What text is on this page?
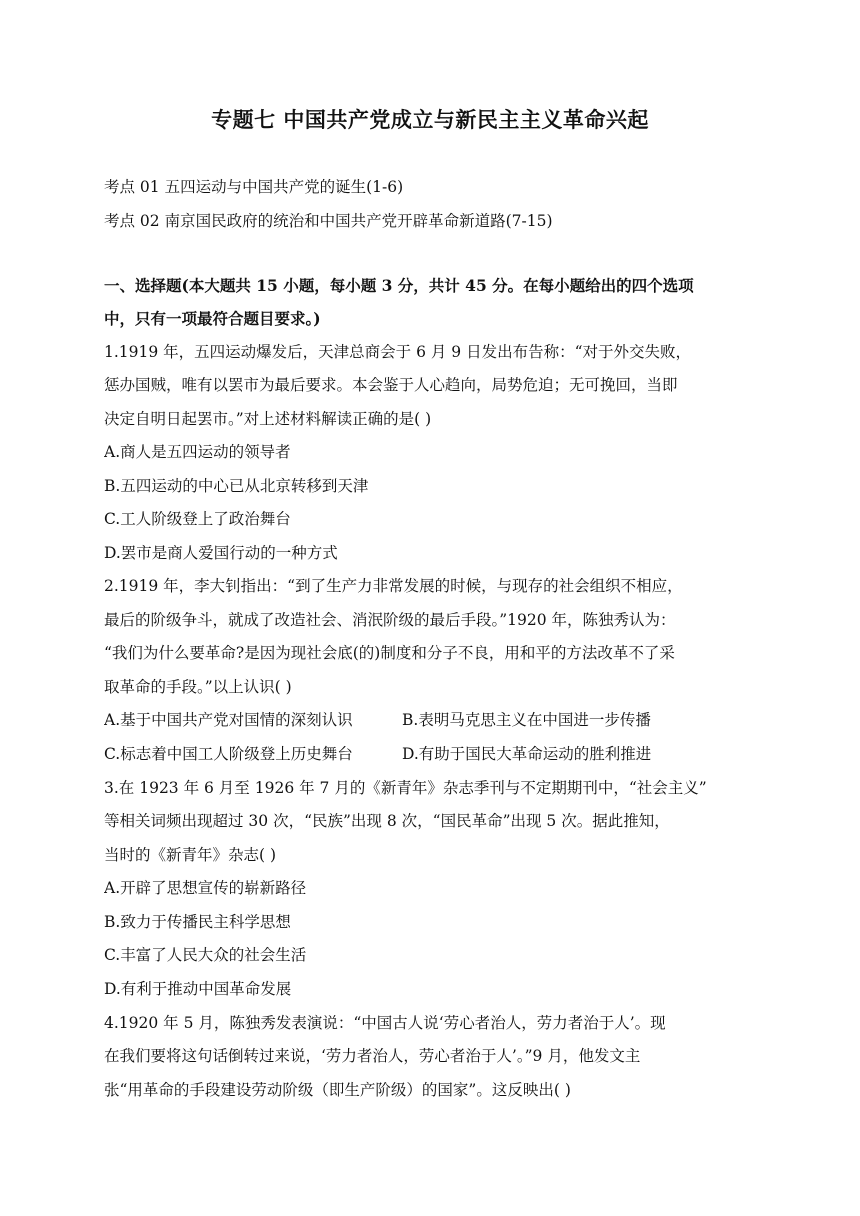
专题七 中国共产党成立与新民主主义革命兴起
考点 01 五四运动与中国共产党的诞生(1-6)
考点 02 南京国民政府的统治和中国共产党开辟革命新道路(7-15)
一、选择题(本大题共 15 小题，每小题 3 分，共计 45 分。在每小题给出的四个选项
中，只有一项最符合题目要求。)
1.1919 年，五四运动爆发后，天津总商会于 6 月 9 日发出布告称：“对于外交失败，
惩办国贼，唯有以罢市为最后要求。本会鉴于人心趋向，局势危迫；无可挽回，当即
决定自明日起罢市。”对上述材料解读正确的是( )
A.商人是五四运动的领导者
B.五四运动的中心已从北京转移到天津
C.工人阶级登上了政治舞台
D.罢市是商人爱国行动的一种方式
2.1919 年，李大钊指出：“到了生产力非常发展的时候，与现存的社会组织不相应，
最后的阶级争斗，就成了改造社会、消泯阶级的最后手段。”1920 年，陈独秀认为：
“我们为什么要革命?是因为现社会底(的)制度和分子不良，用和平的方法改革不了采
取革命的手段。”以上认识( )
A.基于中国共产党对国情的深刻认识	B.表明马克思主义在中国进一步传播
C.标志着中国工人阶级登上历史舞台	D.有助于国民大革命运动的胜利推进
3.在 1923 年 6 月至 1926 年 7 月的《新青年》杂志季刊与不定期期刊中，“社会主义”
等相关词频出现超过 30 次，“民族”出现 8 次，“国民革命”出现 5 次。据此推知，
当时的《新青年》杂志( )
A.开辟了思想宣传的崭新路径
B.致力于传播民主科学思想
C.丰富了人民大众的社会生活
D.有利于推动中国革命发展
4.1920 年 5 月，陈独秀发表演说：“中国古人说‘劳心者治人，劳力者治于人’。现
在我们要将这句话倒转过来说，‘劳力者治人，劳心者治于人’。”9 月，他发文主
张“用革命的手段建设劳动阶级（即生产阶级）的国家”。这反映出( )
